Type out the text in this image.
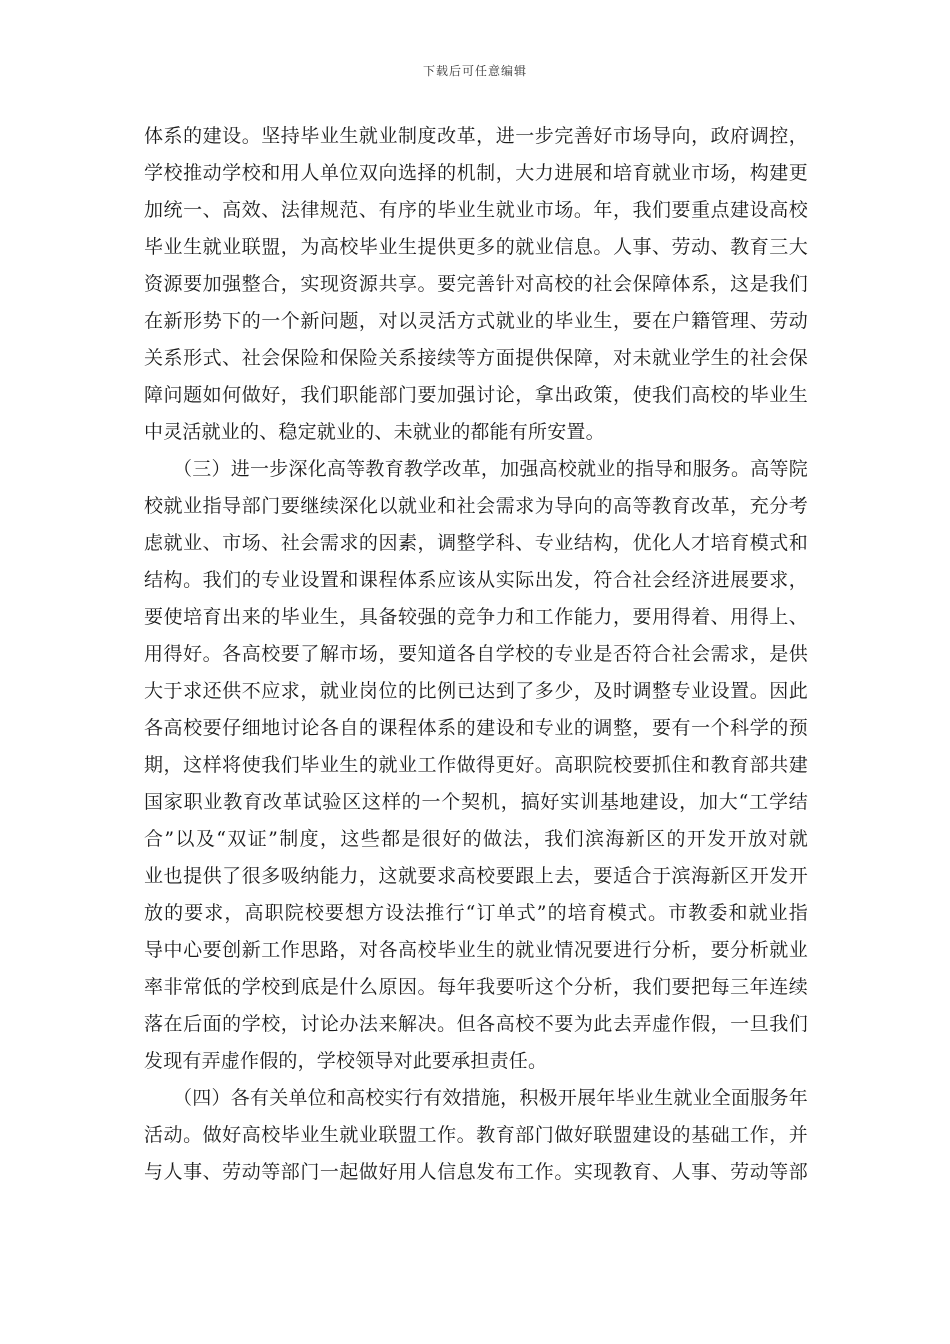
下载后可任意编辑
体系的建设。坚持毕业生就业制度改革，进一步完善好市场导向，政府调控，
学校推动学校和用人单位双向选择的机制，大力进展和培育就业市场，构建更
加统一、高效、法律规范、有序的毕业生就业市场。年，我们要重点建设高校
毕业生就业联盟，为高校毕业生提供更多的就业信息。人事、劳动、教育三大
资源要加强整合，实现资源共享。要完善针对高校的社会保障体系，这是我们
在新形势下的一个新问题，对以灵活方式就业的毕业生，要在户籍管理、劳动
关系形式、社会保险和保险关系接续等方面提供保障，对未就业学生的社会保
障问题如何做好，我们职能部门要加强讨论，拿出政策，使我们高校的毕业生
中灵活就业的、稳定就业的、未就业的都能有所安置。
　　（三）进一步深化高等教育教学改革，加强高校就业的指导和服务。高等院
校就业指导部门要继续深化以就业和社会需求为导向的高等教育改革，充分考
虑就业、市场、社会需求的因素，调整学科、专业结构，优化人才培育模式和
结构。我们的专业设置和课程体系应该从实际出发，符合社会经济进展要求，
要使培育出来的毕业生，具备较强的竞争力和工作能力，要用得着、用得上、
用得好。各高校要了解市场，要知道各自学校的专业是否符合社会需求，是供
大于求还供不应求，就业岗位的比例已达到了多少，及时调整专业设置。因此
各高校要仔细地讨论各自的课程体系的建设和专业的调整，要有一个科学的预
期，这样将使我们毕业生的就业工作做得更好。高职院校要抓住和教育部共建
国家职业教育改革试验区这样的一个契机，搞好实训基地建设，加大“工学结
合”以及“双证”制度，这些都是很好的做法，我们滨海新区的开发开放对就
业也提供了很多吸纳能力，这就要求高校要跟上去，要适合于滨海新区开发开
放的要求，高职院校要想方设法推行“订单式”的培育模式。市教委和就业指
导中心要创新工作思路，对各高校毕业生的就业情况要进行分析，要分析就业
率非常低的学校到底是什么原因。每年我要听这个分析，我们要把每三年连续
落在后面的学校，讨论办法来解决。但各高校不要为此去弄虚作假，一旦我们
发现有弄虚作假的，学校领导对此要承担责任。
　　（四）各有关单位和高校实行有效措施，积极开展年毕业生就业全面服务年
活动。做好高校毕业生就业联盟工作。教育部门做好联盟建设的基础工作，并
与人事、劳动等部门一起做好用人信息发布工作。实现教育、人事、劳动等部
